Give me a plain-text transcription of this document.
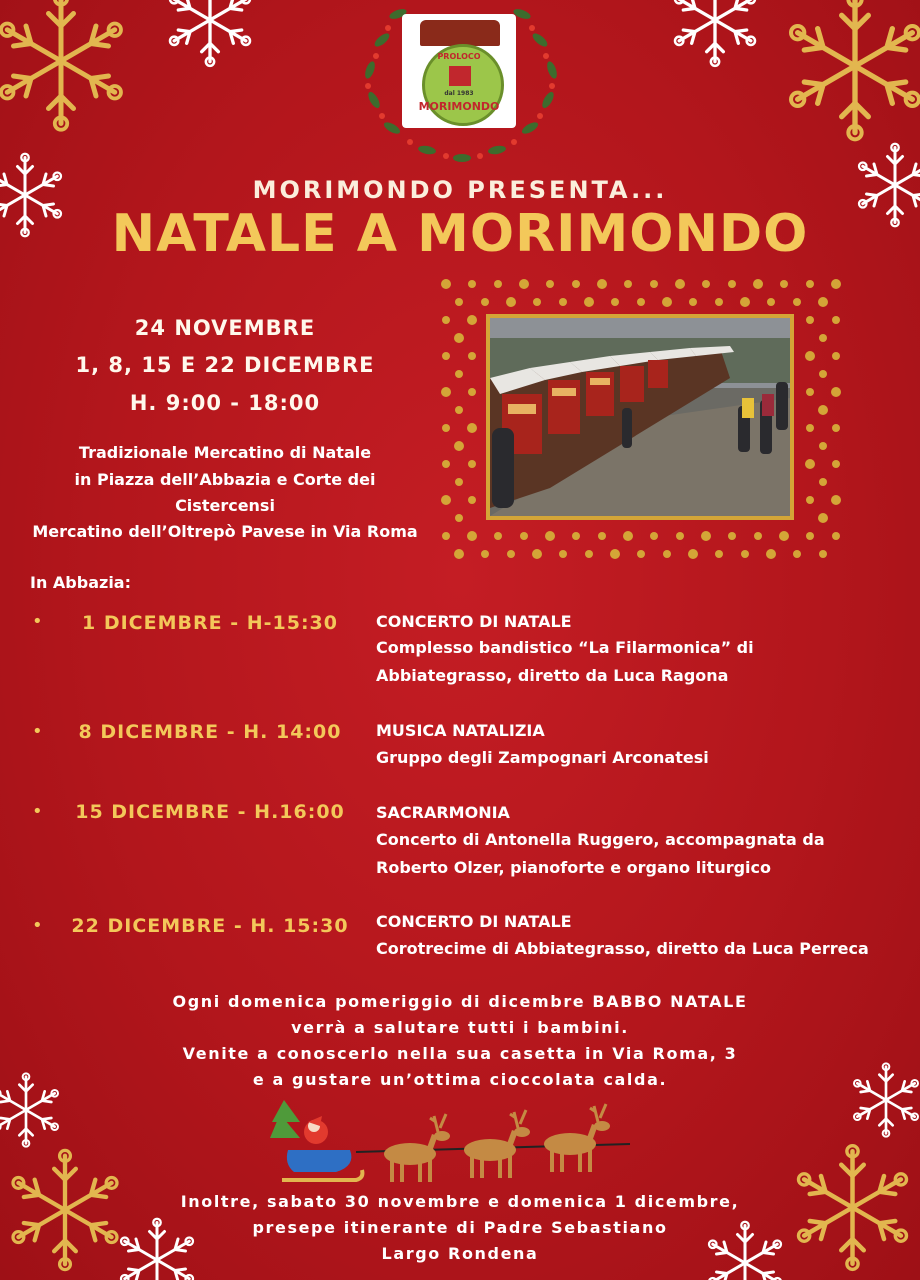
PROLOCO
dal 1983
MORIMONDO
MORIMONDO PRESENTA...
NATALE A MORIMONDO
24 NOVEMBRE
1, 8, 15 E 22 DICEMBRE
H. 9:00 - 18:00
Tradizionale Mercatino di Natale
in Piazza dell’Abbazia e Corte dei
Cistercensi
Mercatino dell’Oltrepò Pavese in Via Roma
In Abbazia:
•	1 DICEMBRE - H-15:30	CONCERTO DI NATALE
Complesso bandistico “La Filarmonica” di
Abbiategrasso, diretto da Luca Ragona
•	8 DICEMBRE - H. 14:00	MUSICA NATALIZIA
Gruppo degli Zampognari Arconatesi
•	15 DICEMBRE - H.16:00	SACRARMONIA
Concerto di Antonella Ruggero, accompagnata da
Roberto Olzer, pianoforte e organo liturgico
•	22 DICEMBRE - H. 15:30	CONCERTO DI NATALE
Corotrecime di Abbiategrasso, diretto da Luca Perreca
Ogni domenica pomeriggio di dicembre BABBO NATALE
verrà a salutare tutti i bambini.
Venite a conoscerlo nella sua casetta in Via Roma, 3
e a gustare un’ottima cioccolata calda.
Inoltre, sabato 30 novembre e domenica 1 dicembre,
presepe itinerante di Padre Sebastiano
Largo Rondena
